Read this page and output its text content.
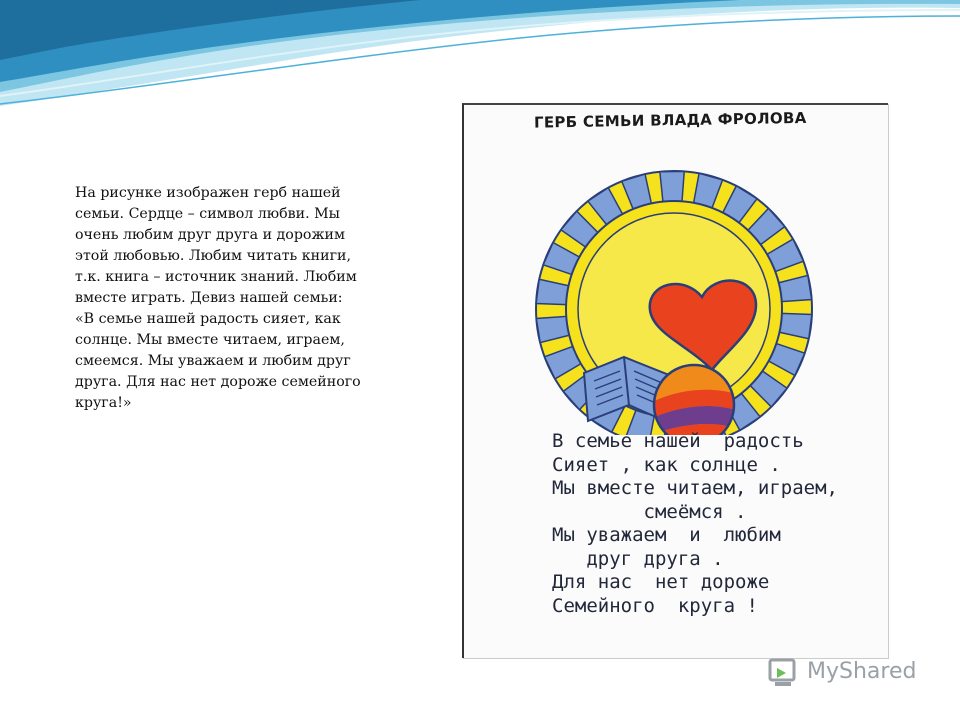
На рисунке изображен герб нашей семьи. Сердце – символ любви. Мы очень любим друг друга и дорожим этой любовью. Любим читать книги, т.к. книга – источник знаний. Любим вместе играть. Девиз нашей семьи: «В семье нашей радость сияет, как солнце. Мы вместе читаем, играем, смеемся. Мы уважаем и любим друг друга. Для нас нет дороже семейного круга!»

ГЕРБ СЕМЬИ ВЛАДА ФРОЛОВА
В семье нашей  радость
Сияет , как солнце .
Мы вместе читаем, играем,
смеёмся .
Мы уважаем  и  любим
друг друга .
Для нас  нет дороже
Семейного  круга !
MyShared
